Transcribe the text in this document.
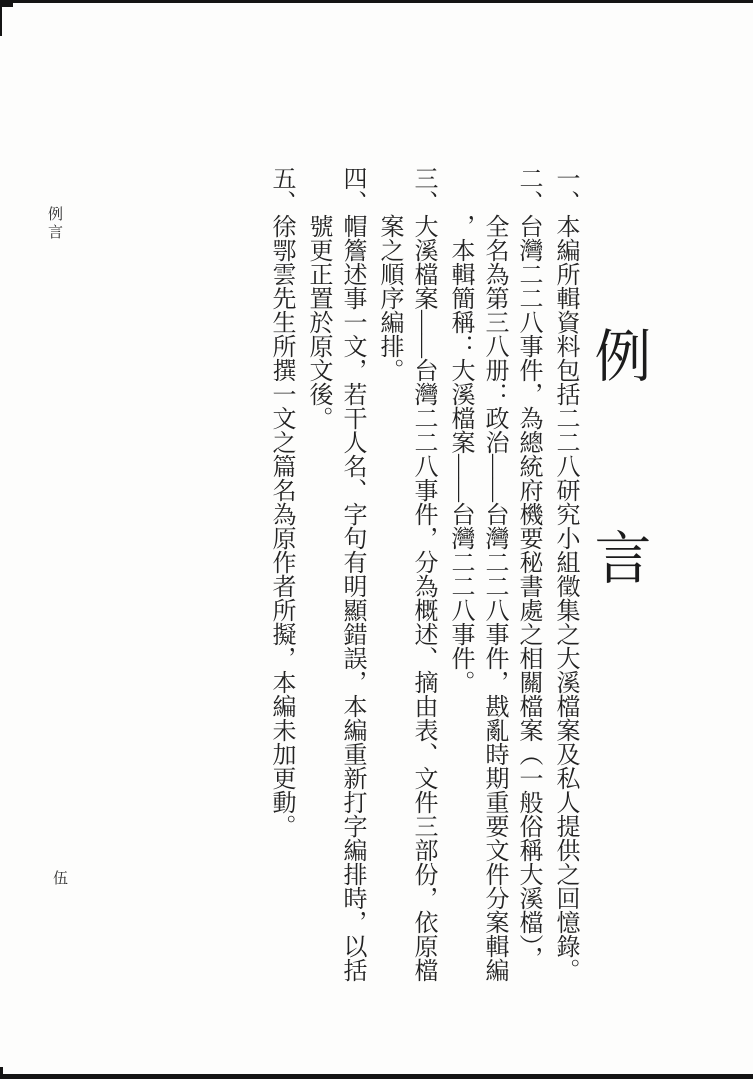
例言
一、本編所輯資料包括二二八研究小組徵集之大溪檔案及私人提供之回憶錄。
二、台灣二二八事件，為總統府機要秘書處之相關檔案（一般俗稱大溪檔），全名為第三八册：政治——台灣二二八事件，戡亂時期重要文件分案輯編，本輯簡稱：大溪檔案——台灣二二八事件。
三、大溪檔案——台灣二二八事件，分為概述、摘由表、文件三部份，依原檔案之順序編排。
四、帽簷述事一文，若干人名、字句有明顯錯誤，本編重新打字編排時，以括號更正置於原文後。
五、徐鄂雲先生所撰一文之篇名為原作者所擬，本編未加更動。
例言
伍
